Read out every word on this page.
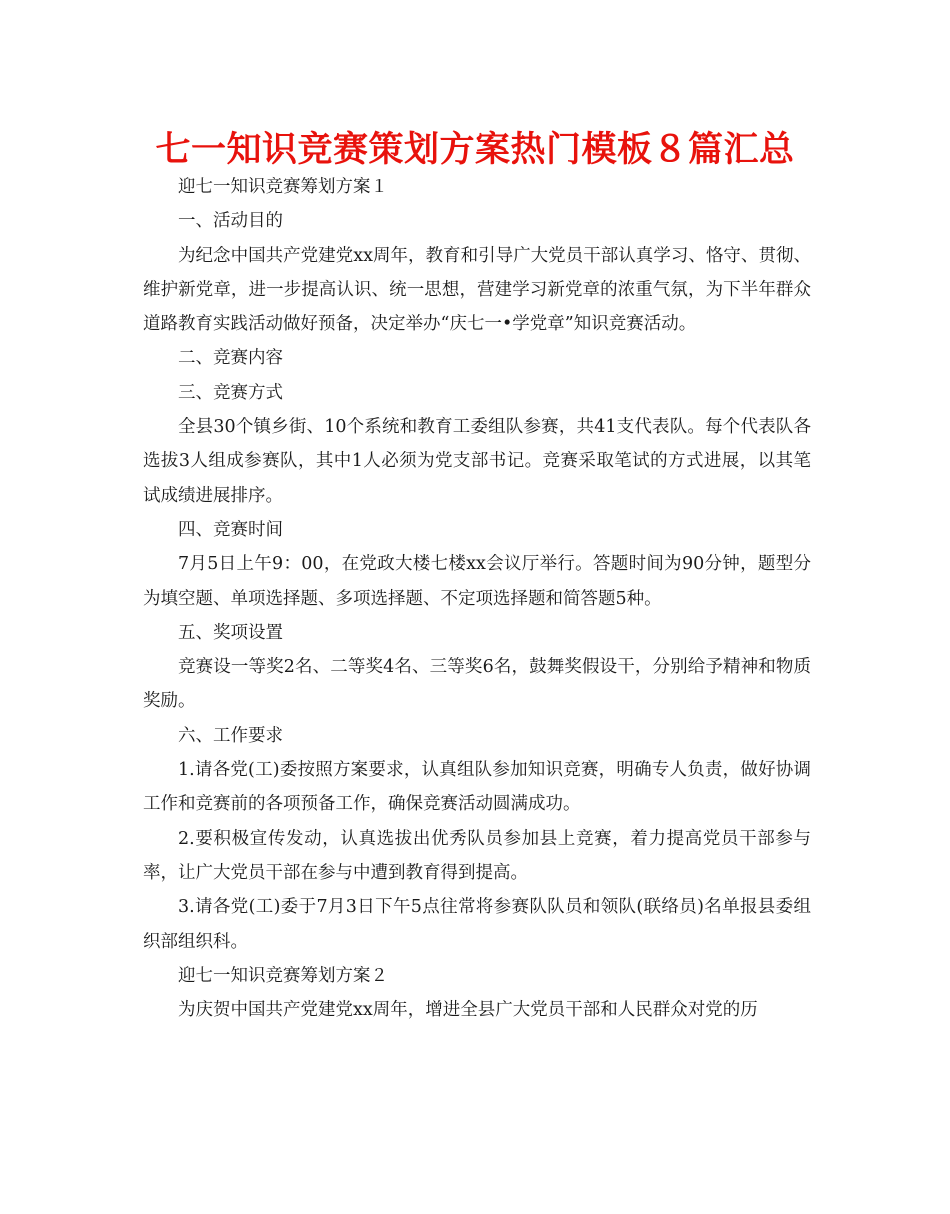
七一知识竞赛策划方案热门模板８篇汇总

迎七一知识竞赛筹划方案１

一、活动目的

为纪念中国共产党建党xx周年，教育和引导广大党员干部认真学习、恪守、贯彻、维护新党章，进一步提高认识、统一思想，营建学习新党章的浓重气氛，为下半年群众道路教育实践活动做好预备，决定举办“庆七一•学党章”知识竞赛活动。

二、竞赛内容

三、竞赛方式

全县30个镇乡街、10个系统和教育工委组队参赛，共41支代表队。每个代表队各选拔3人组成参赛队，其中1人必须为党支部书记。竞赛采取笔试的方式进展，以其笔试成绩进展排序。

四、竞赛时间

7月5日上午9：00，在党政大楼七楼xx会议厅举行。答题时间为90分钟，题型分为填空题、单项选择题、多项选择题、不定项选择题和简答题5种。

五、奖项设置

竞赛设一等奖2名、二等奖4名、三等奖6名，鼓舞奖假设干，分别给予精神和物质奖励。

六、工作要求

1.请各党(工)委按照方案要求，认真组队参加知识竞赛，明确专人负责，做好协调工作和竞赛前的各项预备工作，确保竞赛活动圆满成功。

2.要积极宣传发动，认真选拔出优秀队员参加县上竞赛，着力提高党员干部参与率，让广大党员干部在参与中遭到教育得到提高。

3.请各党(工)委于7月3日下午5点往常将参赛队队员和领队(联络员)名单报县委组织部组织科。

迎七一知识竞赛筹划方案２

为庆贺中国共产党建党xx周年，增进全县广大党员干部和人民群众对党的历
